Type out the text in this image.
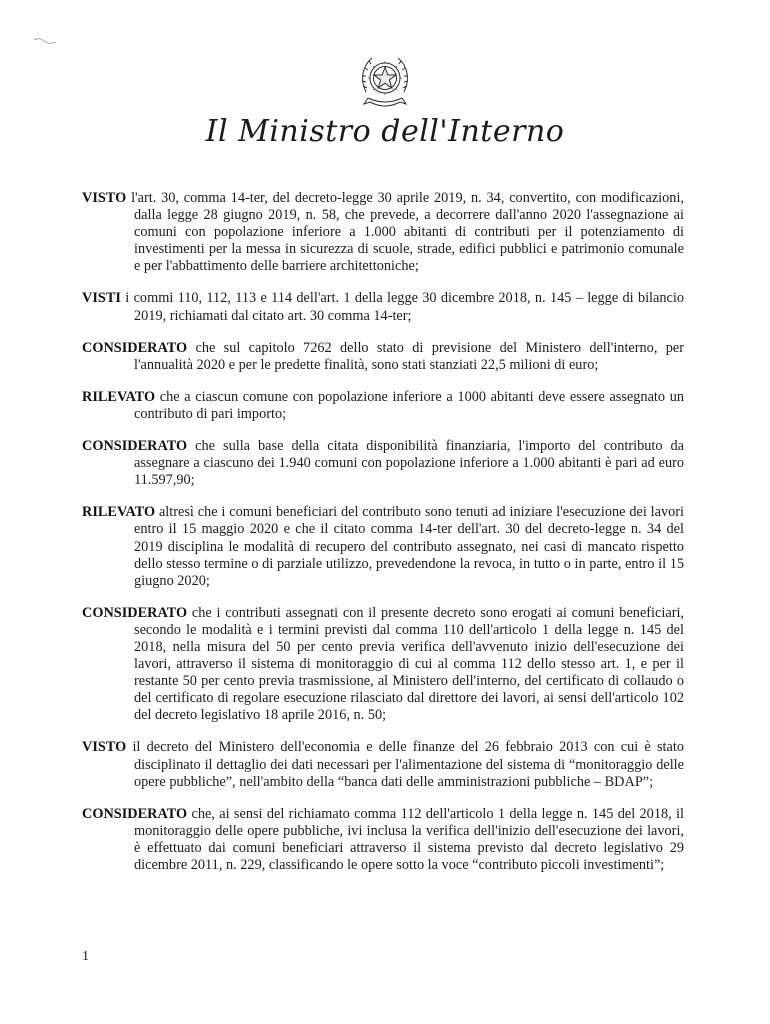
Il Ministro dell'Interno

VISTO l'art. 30, comma 14-ter, del decreto-legge 30 aprile 2019, n. 34, convertito, con modificazioni, dalla legge 28 giugno 2019, n. 58, che prevede, a decorrere dall'anno 2020 l'assegnazione ai comuni con popolazione inferiore a 1.000 abitanti di contributi per il potenziamento di investimenti per la messa in sicurezza di scuole, strade, edifici pubblici e patrimonio comunale e per l'abbattimento delle barriere architettoniche;

VISTI i commi 110, 112, 113 e 114 dell'art. 1 della legge 30 dicembre 2018, n. 145 – legge di bilancio 2019, richiamati dal citato art. 30 comma 14-ter;

CONSIDERATO che sul capitolo 7262 dello stato di previsione del Ministero dell'interno, per l'annualità 2020 e per le predette finalità, sono stati stanziati 22,5 milioni di euro;

RILEVATO che a ciascun comune con popolazione inferiore a 1000 abitanti deve essere assegnato un contributo di pari importo;

CONSIDERATO che sulla base della citata disponibilità finanziaria, l'importo del contributo da assegnare a ciascuno dei 1.940 comuni con popolazione inferiore a 1.000 abitanti è pari ad euro 11.597,90;

RILEVATO altresì che i comuni beneficiari del contributo sono tenuti ad iniziare l'esecuzione dei lavori entro il 15 maggio 2020 e che il citato comma 14-ter dell'art. 30 del decreto-legge n. 34 del 2019 disciplina le modalità di recupero del contributo assegnato, nei casi di mancato rispetto dello stesso termine o di parziale utilizzo, prevedendone la revoca, in tutto o in parte, entro il 15 giugno 2020;

CONSIDERATO che i contributi assegnati con il presente decreto sono erogati ai comuni beneficiari, secondo le modalità e i termini previsti dal comma 110 dell'articolo 1 della legge n. 145 del 2018, nella misura del 50 per cento previa verifica dell'avvenuto inizio dell'esecuzione dei lavori, attraverso il sistema di monitoraggio di cui al comma 112 dello stesso art. 1, e per il restante 50 per cento previa trasmissione, al Ministero dell'interno, del certificato di collaudo o del certificato di regolare esecuzione rilasciato dal direttore dei lavori, ai sensi dell'articolo 102 del decreto legislativo 18 aprile 2016, n. 50;

VISTO il decreto del Ministero dell'economia e delle finanze del 26 febbraio 2013 con cui è stato disciplinato il dettaglio dei dati necessari per l'alimentazione del sistema di “monitoraggio delle opere pubbliche”, nell'ambito della “banca dati delle amministrazioni pubbliche – BDAP”;

CONSIDERATO che, ai sensi del richiamato comma 112 dell'articolo 1 della legge n. 145 del 2018, il monitoraggio delle opere pubbliche, ivi inclusa la verifica dell'inizio dell'esecuzione dei lavori, è effettuato dai comuni beneficiari attraverso il sistema previsto dal decreto legislativo 29 dicembre 2011, n. 229, classificando le opere sotto la voce “contributo piccoli investimenti”;

1
